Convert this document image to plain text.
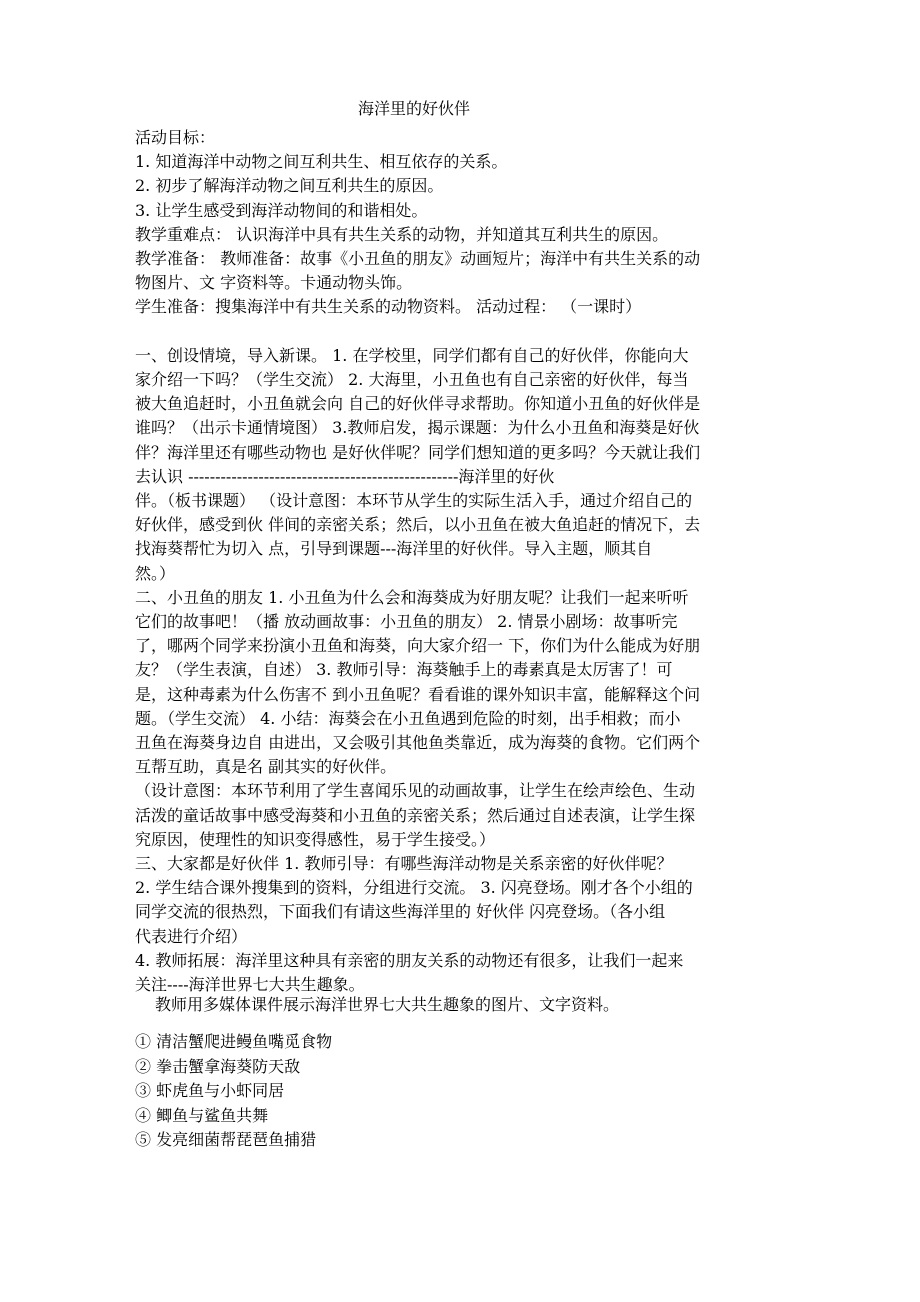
海洋里的好伙伴
活动目标：
1. 知道海洋中动物之间互利共生、相互依存的关系。
2. 初步了解海洋动物之间互利共生的原因。
3. 让学生感受到海洋动物间的和谐相处。
教学重难点： 认识海洋中具有共生关系的动物，并知道其互利共生的原因。
教学准备： 教师准备：故事《小丑鱼的朋友》动画短片；海洋中有共生关系的动
物图片、文 字资料等。卡通动物头饰。
学生准备：搜集海洋中有共生关系的动物资料。 活动过程： （一课时）
一、创设情境，导入新课。 1. 在学校里，同学们都有自己的好伙伴，你能向大
家介绍一下吗？（学生交流） 2. 大海里，小丑鱼也有自己亲密的好伙伴，每当
被大鱼追赶时，小丑鱼就会向 自己的好伙伴寻求帮助。你知道小丑鱼的好伙伴是
谁吗？（出示卡通情境图） 3.教师启发，揭示课题：为什么小丑鱼和海葵是好伙
伴？海洋里还有哪些动物也 是好伙伴呢？同学们想知道的更多吗？今天就让我们
去认识 --------------------------------------------------海洋里的好伙
伴。（板书课题） （设计意图：本环节从学生的实际生活入手，通过介绍自己的
好伙伴，感受到伙 伴间的亲密关系；然后，以小丑鱼在被大鱼追赶的情况下，去
找海葵帮忙为切入 点，引导到课题---海洋里的好伙伴。导入主题，顺其自
然。）
二、小丑鱼的朋友 1. 小丑鱼为什么会和海葵成为好朋友呢？让我们一起来听听
它们的故事吧！（播 放动画故事：小丑鱼的朋友） 2. 情景小剧场：故事听完
了，哪两个同学来扮演小丑鱼和海葵，向大家介绍一 下，你们为什么能成为好朋
友？（学生表演，自述） 3. 教师引导：海葵触手上的毒素真是太厉害了！可
是，这种毒素为什么伤害不 到小丑鱼呢？看看谁的课外知识丰富，能解释这个问
题。（学生交流） 4. 小结：海葵会在小丑鱼遇到危险的时刻，出手相救；而小
丑鱼在海葵身边自 由进出，又会吸引其他鱼类靠近，成为海葵的食物。它们两个
互帮互助，真是名 副其实的好伙伴。
（设计意图：本环节利用了学生喜闻乐见的动画故事，让学生在绘声绘色、生动
活泼的童话故事中感受海葵和小丑鱼的亲密关系；然后通过自述表演，让学生探
究原因，使理性的知识变得感性，易于学生接受。）
三、大家都是好伙伴 1. 教师引导：有哪些海洋动物是关系亲密的好伙伴呢？
2. 学生结合课外搜集到的资料，分组进行交流。 3. 闪亮登场。刚才各个小组的
同学交流的很热烈，下面我们有请这些海洋里的 好伙伴 闪亮登场。（各小组
代表进行介绍）
4. 教师拓展：海洋里这种具有亲密的朋友关系的动物还有很多，让我们一起来
关注----海洋世界七大共生趣象。
教师用多媒体课件展示海洋世界七大共生趣象的图片、文字资料。
① 清洁蟹爬进鳗鱼嘴觅食物
② 拳击蟹拿海葵防天敌
③ 虾虎鱼与小虾同居
④ 鲫鱼与鲨鱼共舞
⑤ 发亮细菌帮琵琶鱼捕猎
